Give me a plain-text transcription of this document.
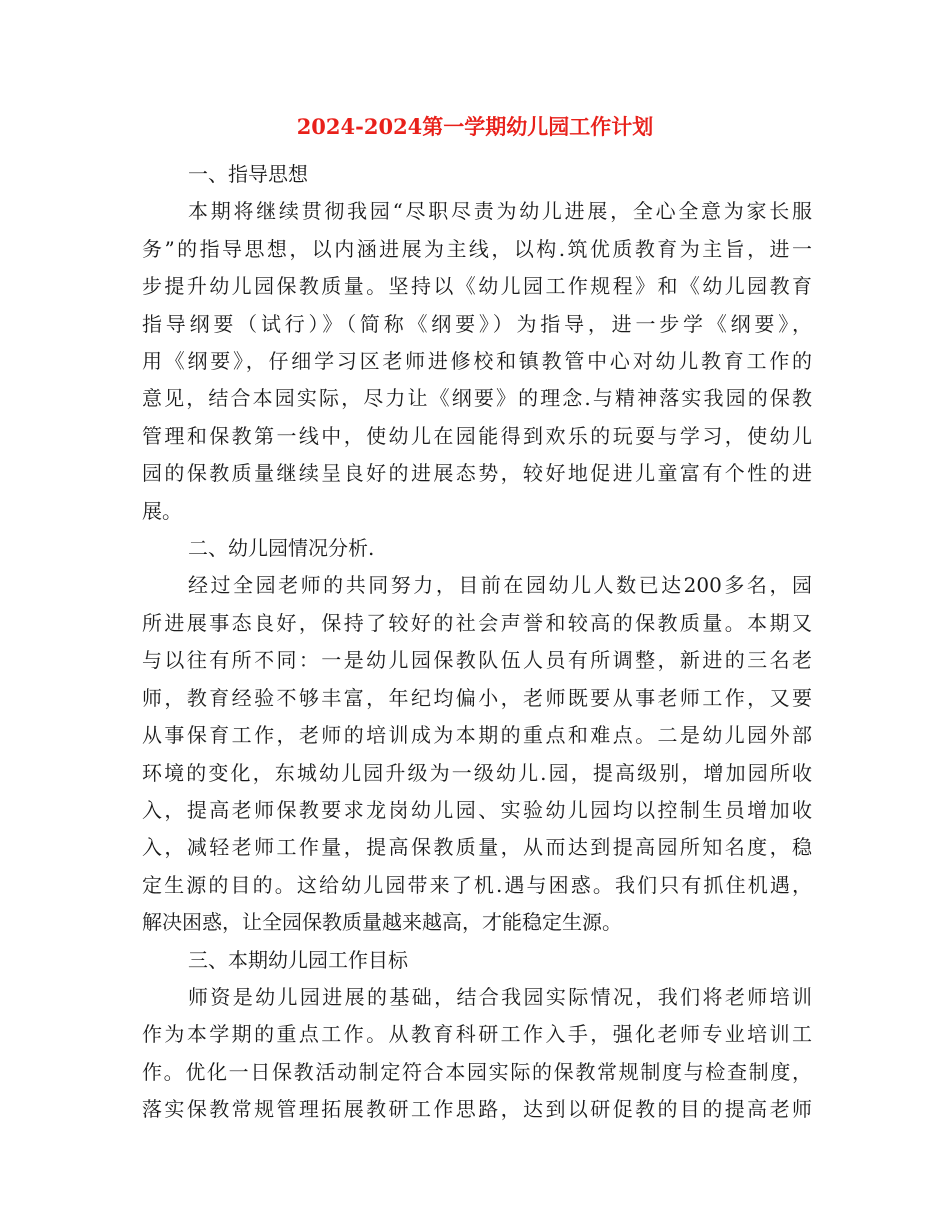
2024-2024第一学期幼儿园工作计划

一、指导思想

本期将继续贯彻我园“尽职尽责为幼儿进展，全心全意为家长服
务”的指导思想，以内涵进展为主线，以构.筑优质教育为主旨，进一
步提升幼儿园保教质量。坚持以《幼儿园工作规程》和《幼儿园教育
指导纲要（试行）》（简称《纲要》）为指导，进一步学《纲要》，
用《纲要》，仔细学习区老师进修校和镇教管中心对幼儿教育工作的
意见，结合本园实际，尽力让《纲要》的理念.与精神落实我园的保教
管理和保教第一线中，使幼儿在园能得到欢乐的玩耍与学习，使幼儿
园的保教质量继续呈良好的进展态势，较好地促进儿童富有个性的进
展。

二、幼儿园情况分析.

经过全园老师的共同努力，目前在园幼儿人数已达200多名，园
所进展事态良好，保持了较好的社会声誉和较高的保教质量。本期又
与以往有所不同：一是幼儿园保教队伍人员有所调整，新进的三名老
师，教育经验不够丰富，年纪均偏小，老师既要从事老师工作，又要
从事保育工作，老师的培训成为本期的重点和难点。二是幼儿园外部
环境的变化，东城幼儿园升级为一级幼儿.园，提高级别，增加园所收
入，提高老师保教要求龙岗幼儿园、实验幼儿园均以控制生员增加收
入，减轻老师工作量，提高保教质量，从而达到提高园所知名度，稳
定生源的目的。这给幼儿园带来了机.遇与困惑。我们只有抓住机遇，
解决困惑，让全园保教质量越来越高，才能稳定生源。

三、本期幼儿园工作目标

师资是幼儿园进展的基础，结合我园实际情况，我们将老师培训
作为本学期的重点工作。从教育科研工作入手，强化老师专业培训工
作。优化一日保教活动制定符合本园实际的保教常规制度与检查制度，
落实保教常规管理拓展教研工作思路，达到以研促教的目的提高老师
